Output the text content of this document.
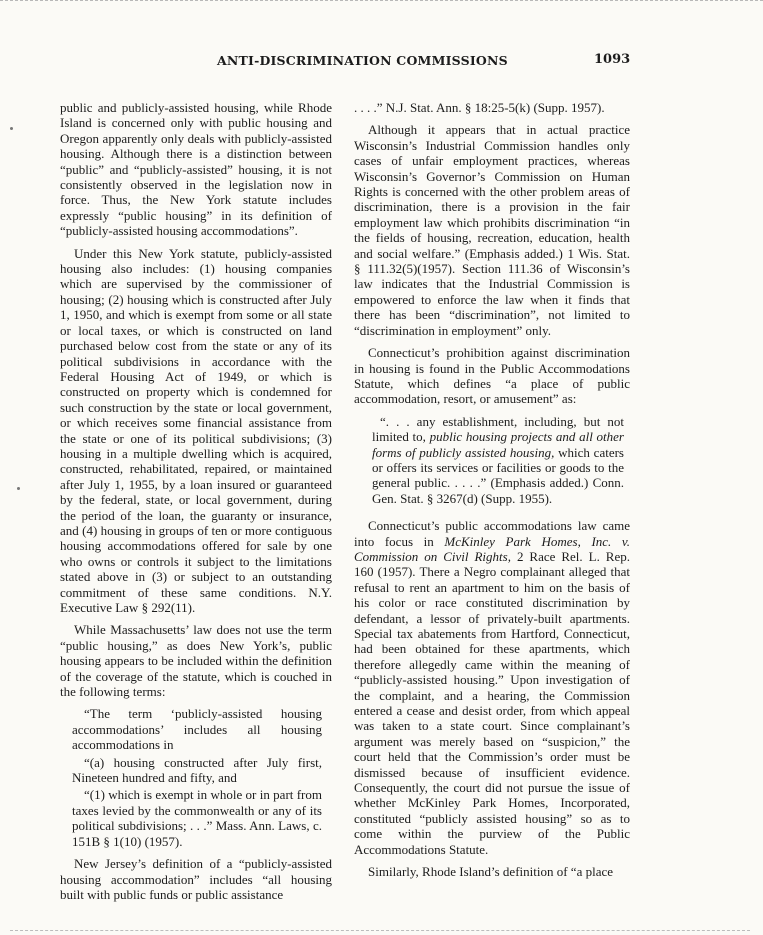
ANTI-DISCRIMINATION COMMISSIONS	1093

public and publicly-assisted housing, while Rhode Island is concerned only with public housing and Oregon apparently only deals with publicly-assisted housing. Although there is a distinction between “public” and “publicly-assisted” housing, it is not consistently observed in the legislation now in force. Thus, the New York statute includes expressly “public housing” in its definition of “publicly-assisted housing accommodations”.

Under this New York statute, publicly-assisted housing also includes: (1) housing companies which are supervised by the commissioner of housing; (2) housing which is constructed after July 1, 1950, and which is exempt from some or all state or local taxes, or which is constructed on land purchased below cost from the state or any of its political subdivisions in accordance with the Federal Housing Act of 1949, or which is constructed on property which is condemned for such construction by the state or local government, or which receives some financial assistance from the state or one of its political subdivisions; (3) housing in a multiple dwelling which is acquired, constructed, rehabilitated, repaired, or maintained after July 1, 1955, by a loan insured or guaranteed by the federal, state, or local government, during the period of the loan, the guaranty or insurance, and (4) housing in groups of ten or more contiguous housing accommodations offered for sale by one who owns or controls it subject to the limitations stated above in (3) or subject to an outstanding commitment of these same conditions. N.Y. Executive Law § 292(11).

While Massachusetts’ law does not use the term “public housing,” as does New York’s, public housing appears to be included within the definition of the coverage of the statute, which is couched in the following terms:

“The term ‘publicly-assisted housing accommodations’ includes all housing accommodations in
“(a) housing constructed after July first, Nineteen hundred and fifty, and
“(1) which is exempt in whole or in part from taxes levied by the commonwealth or any of its political subdivisions; . . .” Mass. Ann. Laws, c. 151B § 1(10) (1957).

New Jersey’s definition of a “publicly-assisted housing accommodation” includes “all housing built with public funds or public assistance

. . . .” N.J. Stat. Ann. § 18:25-5(k) (Supp. 1957).

Although it appears that in actual practice Wisconsin’s Industrial Commission handles only cases of unfair employment practices, whereas Wisconsin’s Governor’s Commission on Human Rights is concerned with the other problem areas of discrimination, there is a provision in the fair employment law which prohibits discrimination “in the fields of housing, recreation, education, health and social welfare.” (Emphasis added.) 1 Wis. Stat. § 111.32(5)(1957). Section 111.36 of Wisconsin’s law indicates that the Industrial Commission is empowered to enforce the law when it finds that there has been “discrimination”, not limited to “discrimination in employment” only.

Connecticut’s prohibition against discrimination in housing is found in the Public Accommodations Statute, which defines “a place of public accommodation, resort, or amusement” as:

“. . . any establishment, including, but not limited to, public housing projects and all other forms of publicly assisted housing, which caters or offers its services or facilities or goods to the general public. . . . .” (Emphasis added.) Conn. Gen. Stat. § 3267(d) (Supp. 1955).

Connecticut’s public accommodations law came into focus in McKinley Park Homes, Inc. v. Commission on Civil Rights, 2 Race Rel. L. Rep. 160 (1957). There a Negro complainant alleged that refusal to rent an apartment to him on the basis of his color or race constituted discrimination by defendant, a lessor of privately-built apartments. Special tax abatements from Hartford, Connecticut, had been obtained for these apartments, which therefore allegedly came within the meaning of “publicly-assisted housing.” Upon investigation of the complaint, and a hearing, the Commission entered a cease and desist order, from which appeal was taken to a state court. Since complainant’s argument was merely based on “suspicion,” the court held that the Commission’s order must be dismissed because of insufficient evidence. Consequently, the court did not pursue the issue of whether McKinley Park Homes, Incorporated, constituted “publicly assisted housing” so as to come within the purview of the Public Accommodations Statute.

Similarly, Rhode Island’s definition of “a place
